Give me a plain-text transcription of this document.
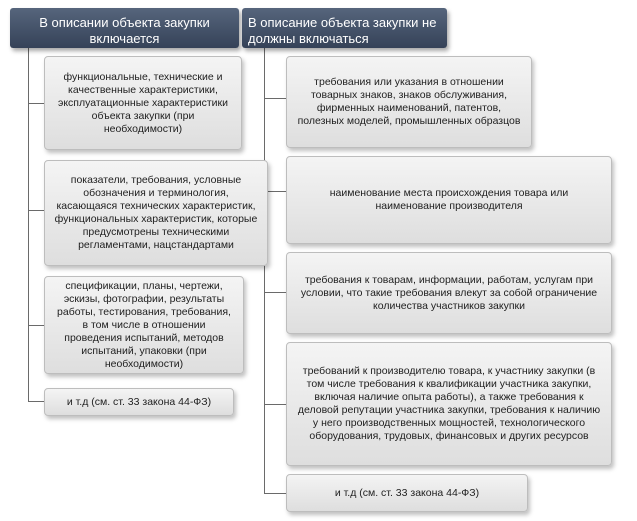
В описании объекта закупки включается
В описание объекта закупки не должны включаться
функциональные, технические и качественные характеристики, эксплуатационные характеристики объекта закупки (при необходимости)
показатели, требования, условные обозначения и терминология, касающаяся технических характеристик, функциональных характеристик, которые предусмотрены техническими регламентами, нацстандартами
спецификации, планы, чертежи, эскизы, фотографии, результаты работы, тестирования, требования, в том числе в отношении проведения испытаний, методов испытаний, упаковки (при необходимости)
и т.д (см. ст. 33 закона 44-ФЗ)
требования или указания в отношении товарных знаков, знаков обслуживания, фирменных наименований, патентов, полезных моделей, промышленных образцов
наименование места происхождения товара или наименование производителя
требования к товарам, информации, работам, услугам при условии, что такие требования влекут за собой ограничение количества участников закупки
требований к производителю товара, к участнику закупки (в том числе требования к квалификации участника закупки, включая наличие опыта работы), а также требования к деловой репутации участника закупки, требования к наличию у него производственных мощностей, технологического оборудования, трудовых, финансовых и других ресурсов
и т.д (см. ст. 33 закона 44-ФЗ)
